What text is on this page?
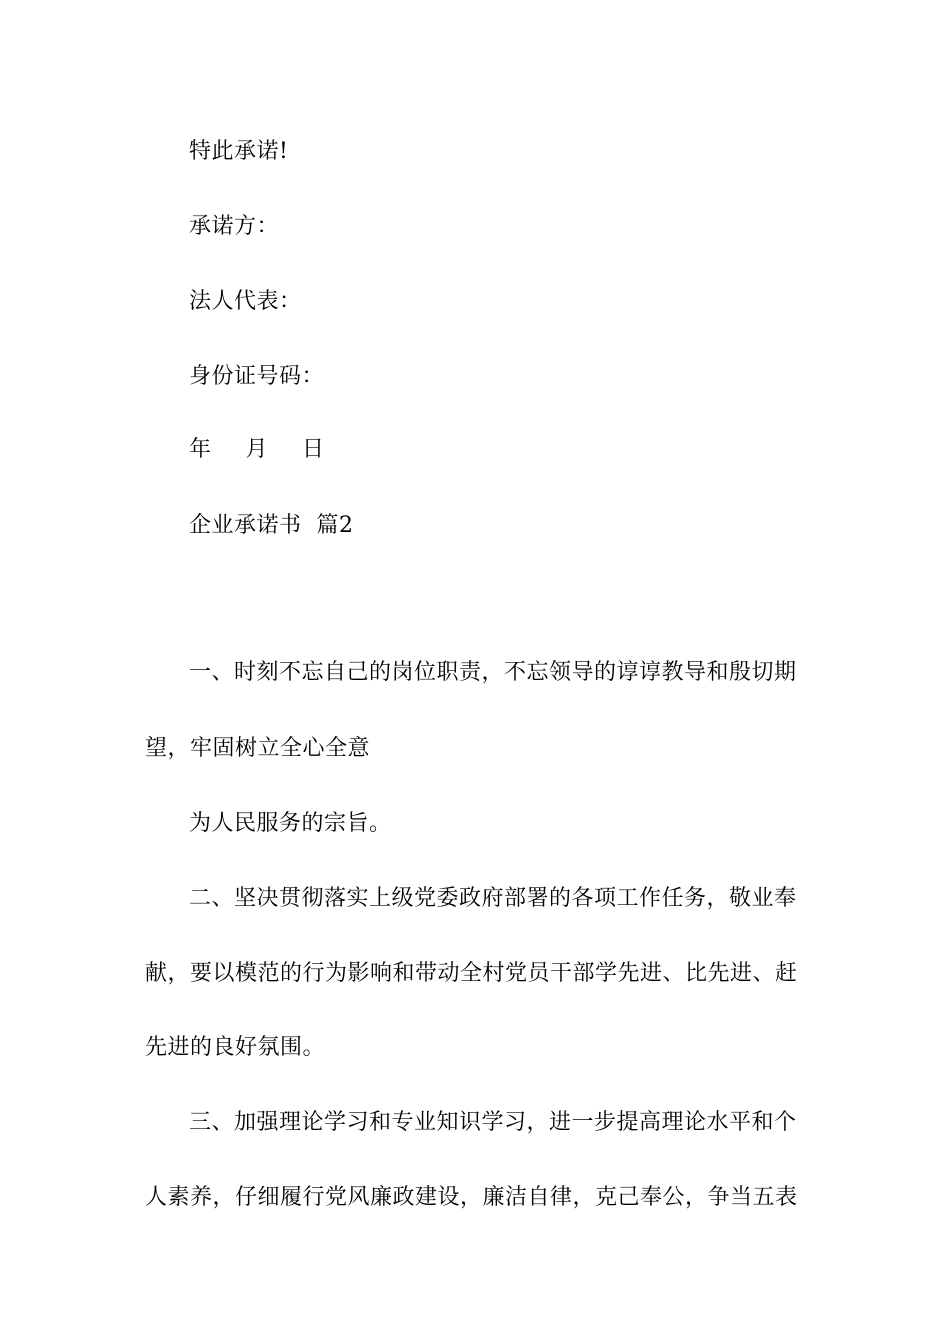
特此承诺!
承诺方：
法人代表：
身份证号码：
年 月 日
企业承诺书  篇2
一、时刻不忘自己的岗位职责，不忘领导的谆谆教导和殷切期
望，牢固树立全心全意
为人民服务的宗旨。
二、坚决贯彻落实上级党委政府部署的各项工作任务，敬业奉
献，要以模范的行为影响和带动全村党员干部学先进、比先进、赶
先进的良好氛围。
三、加强理论学习和专业知识学习，进一步提高理论水平和个
人素养，仔细履行党风廉政建设，廉洁自律，克己奉公，争当五表
